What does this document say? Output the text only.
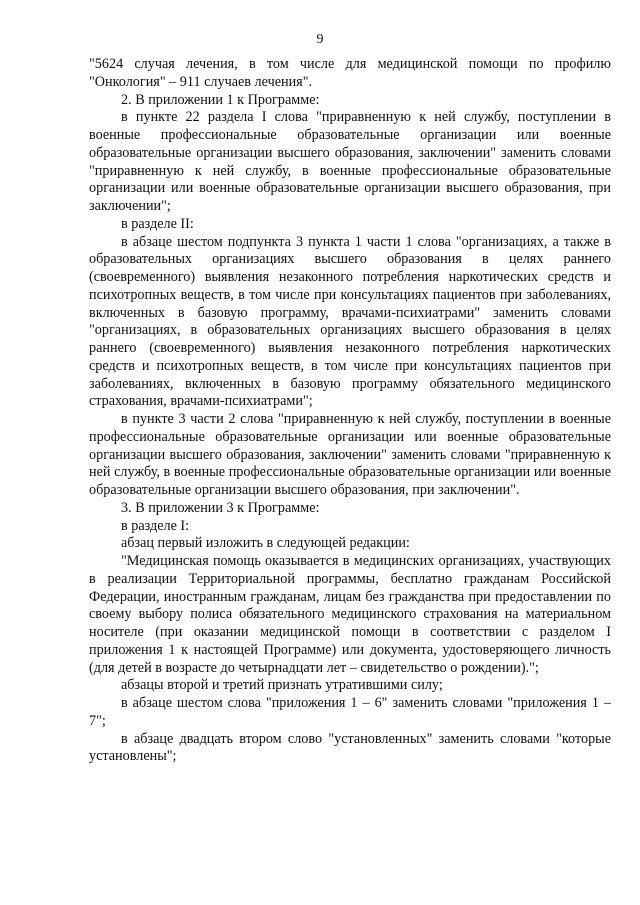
9

"5624 случая лечения, в том числе для медицинской помощи по профилю "Онкология" – 911 случаев лечения".

2. В приложении 1 к Программе:

в пункте 22 раздела I слова "приравненную к ней службу, поступлении в военные профессиональные образовательные организации или военные образовательные организации высшего образования, заключении" заменить словами "приравненную к ней службу, в военные профессиональные образовательные организации или военные образовательные организации высшего образования, при заключении";

в разделе II:

в абзаце шестом подпункта 3 пункта 1 части 1 слова "организациях, а также в образовательных организациях высшего образования в целях раннего (своевременного) выявления незаконного потребления наркотических средств и психотропных веществ, в том числе при консультациях пациентов при заболеваниях, включенных в базовую программу, врачами-психиатрами" заменить словами "организациях, в образовательных организациях высшего образования в целях раннего (своевременного) выявления незаконного потребления наркотических средств и психотропных веществ, в том числе при консультациях пациентов при заболеваниях, включенных в базовую программу обязательного медицинского страхования, врачами-психиатрами";

в пункте 3 части 2 слова "приравненную к ней службу, поступлении в военные профессиональные образовательные организации или военные образовательные организации высшего образования, заключении" заменить словами "приравненную к ней службу, в военные профессиональные образовательные организации или военные образовательные организации высшего образования, при заключении".

3. В приложении 3 к Программе:

в разделе I:

абзац первый изложить в следующей редакции:

"Медицинская помощь оказывается в медицинских организациях, участвующих в реализации Территориальной программы, бесплатно гражданам Российской Федерации, иностранным гражданам, лицам без гражданства при предоставлении по своему выбору полиса обязательного медицинского страхования на материальном носителе (при оказании медицинской помощи в соответствии с разделом I приложения 1 к настоящей Программе) или документа, удостоверяющего личность (для детей в возрасте до четырнадцати лет – свидетельство о рождении).";

абзацы второй и третий признать утратившими силу;

в абзаце шестом слова "приложения 1 – 6" заменить словами "приложения 1 – 7";

в абзаце двадцать втором слово "установленных" заменить словами "которые установлены";
